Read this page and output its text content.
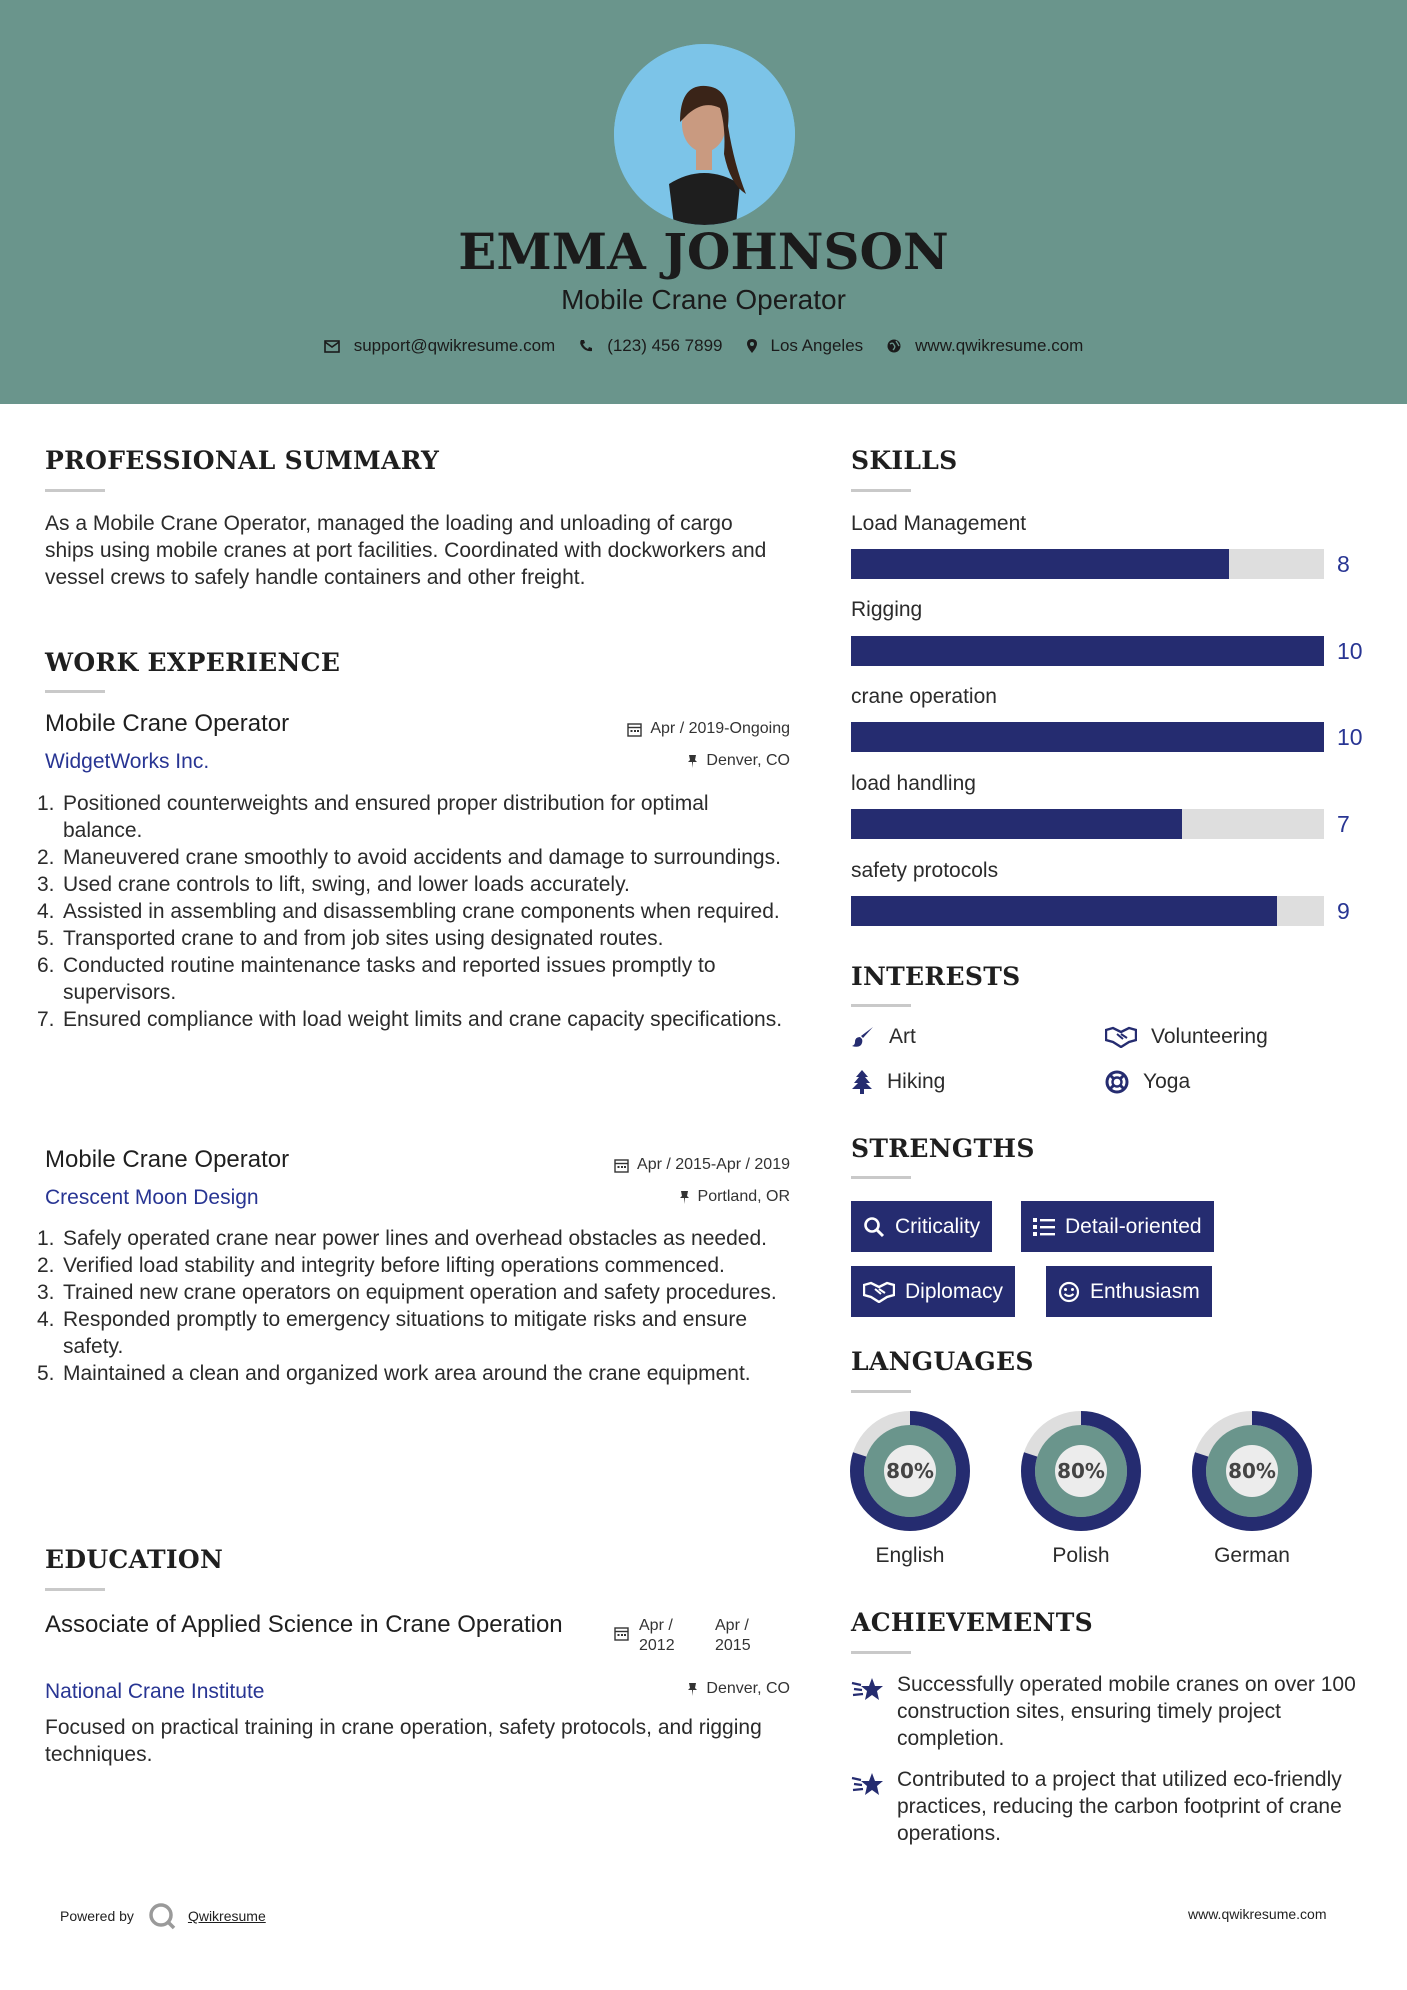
EMMA JOHNSON
Mobile Crane Operator
support@qwikresume.com	(123) 456 7899	Los Angeles	www.qwikresume.com
PROFESSIONAL SUMMARY
As a Mobile Crane Operator, managed the loading and unloading of cargo ships using mobile cranes at port facilities. Coordinated with dockworkers and vessel crews to safely handle containers and other freight.
WORK EXPERIENCE
Mobile Crane Operator	Apr / 2019-Ongoing
WidgetWorks Inc.	Denver, CO
1. Positioned counterweights and ensured proper distribution for optimal balance.
2. Maneuvered crane smoothly to avoid accidents and damage to surroundings.
3. Used crane controls to lift, swing, and lower loads accurately.
4. Assisted in assembling and disassembling crane components when required.
5. Transported crane to and from job sites using designated routes.
6. Conducted routine maintenance tasks and reported issues promptly to supervisors.
7. Ensured compliance with load weight limits and crane capacity specifications.
Mobile Crane Operator	Apr / 2015-Apr / 2019
Crescent Moon Design	Portland, OR
1. Safely operated crane near power lines and overhead obstacles as needed.
2. Verified load stability and integrity before lifting operations commenced.
3. Trained new crane operators on equipment operation and safety procedures.
4. Responded promptly to emergency situations to mitigate risks and ensure safety.
5. Maintained a clean and organized work area around the crane equipment.
EDUCATION
Associate of Applied Science in Crane Operation	Apr / 2012
Apr / 2015
National Crane Institute	Denver, CO
Focused on practical training in crane operation, safety protocols, and rigging techniques.
SKILLS
Load Management
8
Rigging
10
crane operation
10
load handling
7
safety protocols
9
INTERESTS
Art	Volunteering
Hiking	Yoga
STRENGTHS
Criticality	Detail-oriented
Diplomacy	Enthusiasm
LANGUAGES
80%
English
80%
Polish
80%
German
ACHIEVEMENTS
Successfully operated mobile cranes on over 100 construction sites, ensuring timely project completion.
Contributed to a project that utilized eco-friendly practices, reducing the carbon footprint of crane operations.
Powered by	Qwikresume	www.qwikresume.com
